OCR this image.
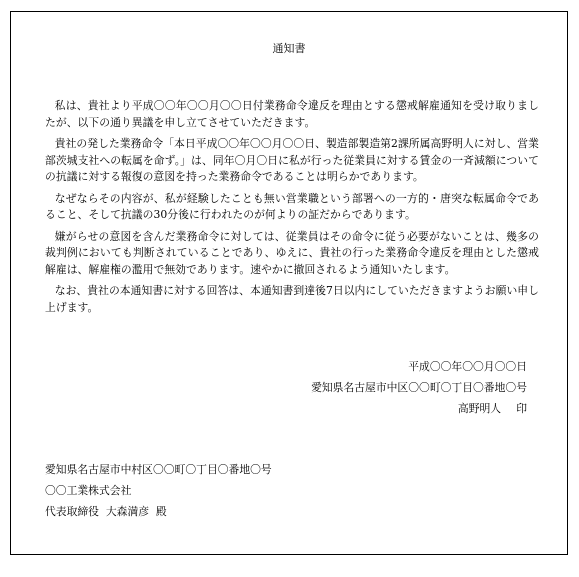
通知書

私は、貴社より平成〇〇年〇〇月〇〇日付業務命令違反を理由とする懲戒解雇通知を受け取りましたが、以下の通り異議を申し立てさせていただきます。

貴社の発した業務命令「本日平成〇〇年〇〇月〇〇日、製造部製造第2課所属高野明人に対し、営業部茨城支社への転属を命ず。」は、同年〇月〇日に私が行った従業員に対する賃金の一斉減額についての抗議に対する報復の意図を持った業務命令であることは明らかであります。

なぜならその内容が、私が経験したことも無い営業職という部署への一方的・唐突な転属命令であること、そして抗議の30分後に行われたのが何よりの証だからであります。

嫌がらせの意図を含んだ業務命令に対しては、従業員はその命令に従う必要がないことは、幾多の裁判例においても判断されていることであり、ゆえに、貴社の行った業務命令違反を理由とした懲戒解雇は、解雇権の濫用で無効であります。速やかに撤回されるよう通知いたします。

なお、貴社の本通知書に対する回答は、本通知書到達後7日以内にしていただきますようお願い申し上げます。

平成〇〇年〇〇月〇〇日
愛知県名古屋市中区〇〇町〇丁目〇番地〇号
高野明人 印
愛知県名古屋市中村区〇〇町〇丁目〇番地〇号
〇〇工業株式会社
代表取締役 大森満彦 殿
